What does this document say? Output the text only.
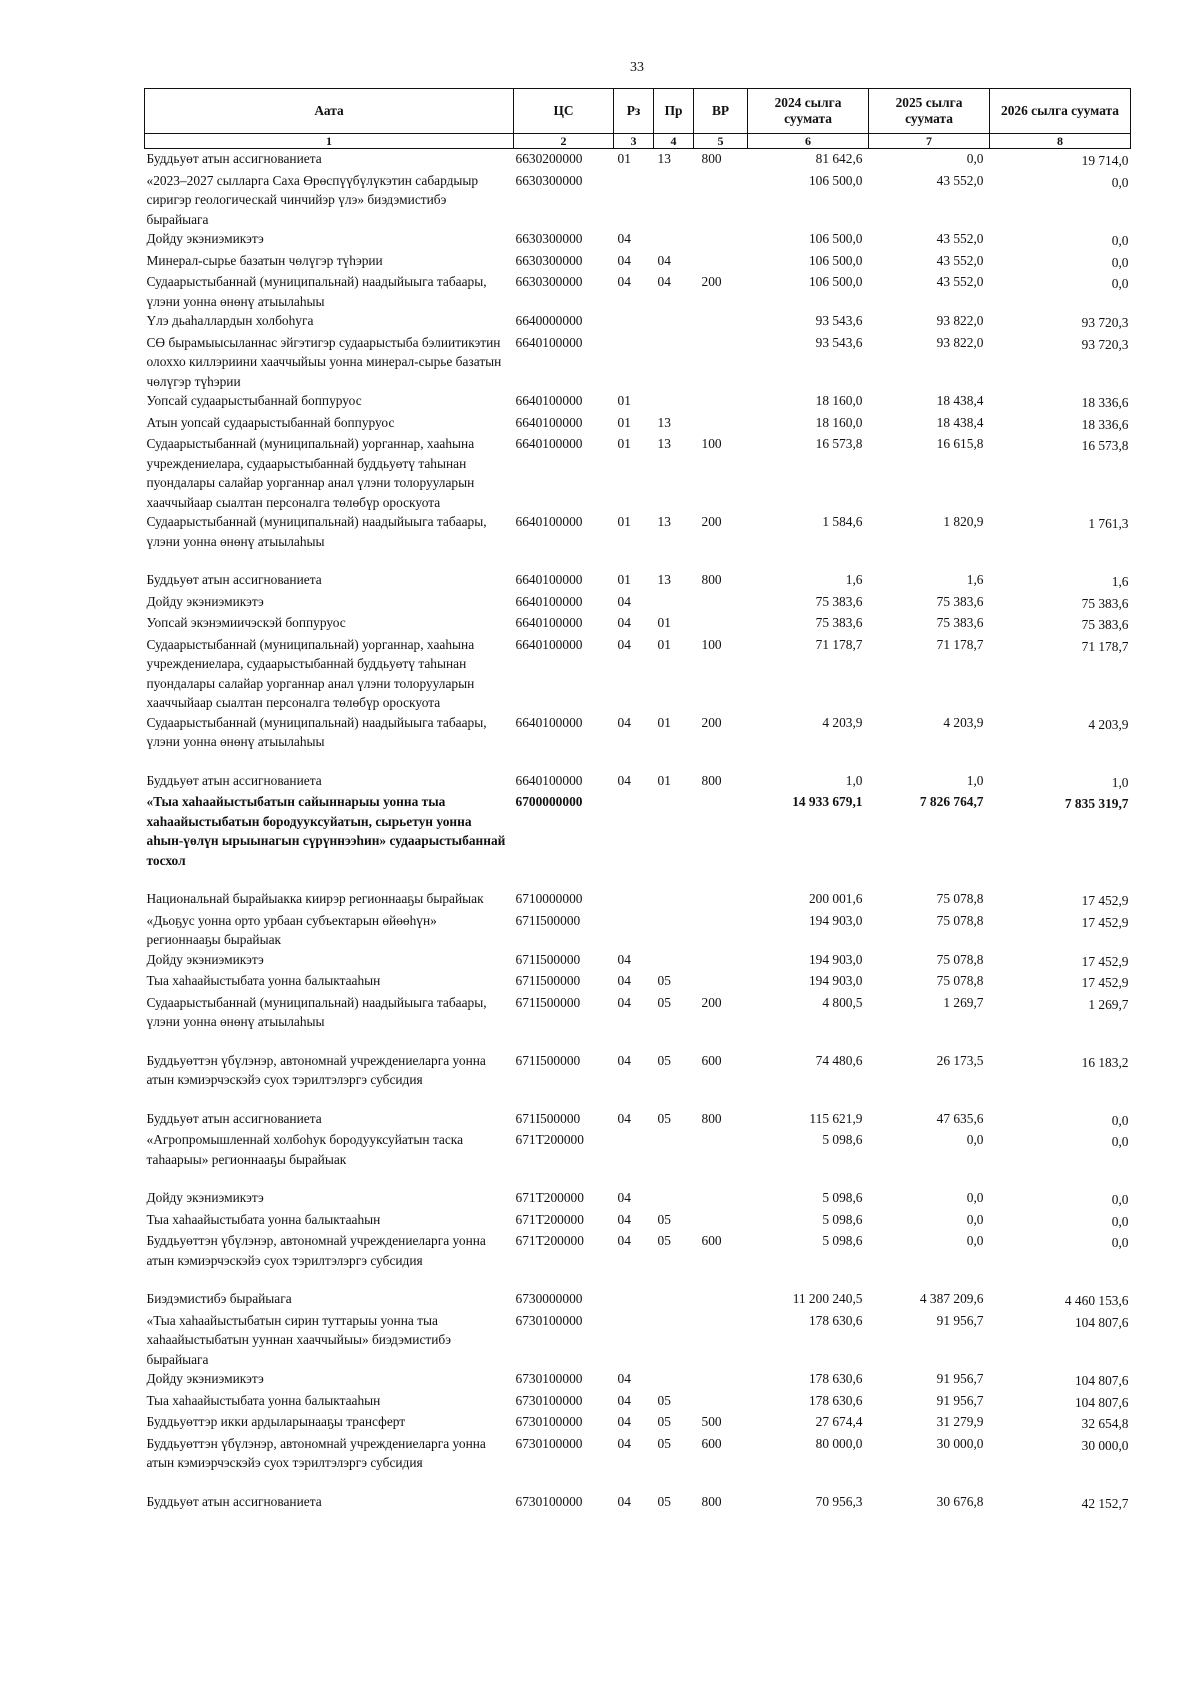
33
Аата	ЦС	Рз	Пр	ВР	2024 сылга суумата	2025 сылга суумата	2026 сылга суумата
1	2	3	4	5	6	7	8
Буддьуөт атын ассигнованиета	6630200000	01	13	800	81 642,6	0,0	19 714,0
«2023–2027 сылларга Саха Өрөспүүбүлүкэтин сабардыыр сиригэр геологическай чинчийэр үлэ» биэдэмистибэ бырайыага	6630300000				106 500,0	43 552,0	0,0
Дойду экэниэмикэтэ	6630300000	04			106 500,0	43 552,0	0,0
Минерал-сырье базатын чөлүгэр түһэрии	6630300000	04	04		106 500,0	43 552,0	0,0
Судаарыстыбаннай (муниципальнай) наадыйыыга табаары, үлэни уонна өнөнү атыылаһыы	6630300000	04	04	200	106 500,0	43 552,0	0,0
Үлэ дьаһаллардын холбоһуга	6640000000				93 543,6	93 822,0	93 720,3
СӨ бырамыысыланнас эйгэтигэр судаарыстыба бэлиитикэтин олоххо киллэриини хааччыйыы уонна минерал-сырье базатын чөлүгэр түһэрии	6640100000				93 543,6	93 822,0	93 720,3
Уопсай судаарыстыбаннай боппуруос	6640100000	01			18 160,0	18 438,4	18 336,6
Атын уопсай судаарыстыбаннай боппуруос	6640100000	01	13		18 160,0	18 438,4	18 336,6
Судаарыстыбаннай (муниципальнай) уорганнар, хааһына учреждениелара, судаарыстыбаннай буддьуөтү таһынан пуондалары салайар уорганнар анал үлэни толорууларын хааччыйаар сыалтан персоналга төлөбүр ороскуота	6640100000	01	13	100	16 573,8	16 615,8	16 573,8
Судаарыстыбаннай (муниципальнай) наадыйыыга табаары, үлэни уонна өнөнү атыылаһыы	6640100000	01	13	200	1 584,6	1 820,9	1 761,3
Буддьуөт атын ассигнованиета	6640100000	01	13	800	1,6	1,6	1,6
Дойду экэниэмикэтэ	6640100000	04			75 383,6	75 383,6	75 383,6
Уопсай экэнэмиичэскэй боппуруос	6640100000	04	01		75 383,6	75 383,6	75 383,6
Судаарыстыбаннай (муниципальнай) уорганнар, хааһына учреждениелара, судаарыстыбаннай буддьуөтү таһынан пуондалары салайар уорганнар анал үлэни толорууларын хааччыйаар сыалтан персоналга төлөбүр ороскуота	6640100000	04	01	100	71 178,7	71 178,7	71 178,7
Судаарыстыбаннай (муниципальнай) наадыйыыга табаары, үлэни уонна өнөнү атыылаһыы	6640100000	04	01	200	4 203,9	4 203,9	4 203,9
Буддьуөт атын ассигнованиета	6640100000	04	01	800	1,0	1,0	1,0
«Тыа хаһаайыстыбатын сайыннарыы уонна тыа хаһаайыстыбатын бородууксуйатын, сырьетун уонна аһын-үөлүн ырыынагын сүрүннээһин» судаарыстыбаннай тосхол	6700000000				14 933 679,1	7 826 764,7	7 835 319,7
Национальнай бырайыакка киирэр регионнааҕы бырайыак	6710000000				200 001,6	75 078,8	17 452,9
«Дьоҕус уонна орто урбаан субъектарын өйөөһүн» регионнааҕы бырайыак	671I500000				194 903,0	75 078,8	17 452,9
Дойду экэниэмикэтэ	671I500000	04			194 903,0	75 078,8	17 452,9
Тыа хаһаайыстыбата уонна балыктааһын	671I500000	04	05		194 903,0	75 078,8	17 452,9
Судаарыстыбаннай (муниципальнай) наадыйыыга табаары, үлэни уонна өнөнү атыылаһыы	671I500000	04	05	200	4 800,5	1 269,7	1 269,7
Буддьуөттэн үбүлэнэр, автономнай учреждениеларга уонна атын кэмиэрчэскэйэ суох тэрилтэлэргэ субсидия	671I500000	04	05	600	74 480,6	26 173,5	16 183,2
Буддьуөт атын ассигнованиета	671I500000	04	05	800	115 621,9	47 635,6	0,0
«Агропромышленнай холбоһук бородууксуйатын таска таһаарыы» регионнааҕы бырайыак	671T200000				5 098,6	0,0	0,0
Дойду экэниэмикэтэ	671T200000	04			5 098,6	0,0	0,0
Тыа хаһаайыстыбата уонна балыктааһын	671T200000	04	05		5 098,6	0,0	0,0
Буддьуөттэн үбүлэнэр, автономнай учреждениеларга уонна атын кэмиэрчэскэйэ суох тэрилтэлэргэ субсидия	671T200000	04	05	600	5 098,6	0,0	0,0
Биэдэмистибэ бырайыага	6730000000				11 200 240,5	4 387 209,6	4 460 153,6
«Тыа хаһаайыстыбатын сирин туттарыы уонна тыа хаһаайыстыбатын ууннан хааччыйыы» биэдэмистибэ бырайыага	6730100000				178 630,6	91 956,7	104 807,6
Дойду экэниэмикэтэ	6730100000	04			178 630,6	91 956,7	104 807,6
Тыа хаһаайыстыбата уонна балыктааһын	6730100000	04	05		178 630,6	91 956,7	104 807,6
Буддьуөттэр икки ардыларынааҕы трансферт	6730100000	04	05	500	27 674,4	31 279,9	32 654,8
Буддьуөттэн үбүлэнэр, автономнай учреждениеларга уонна атын кэмиэрчэскэйэ суох тэрилтэлэргэ субсидия	6730100000	04	05	600	80 000,0	30 000,0	30 000,0
Буддьуөт атын ассигнованиета	6730100000	04	05	800	70 956,3	30 676,8	42 152,7
